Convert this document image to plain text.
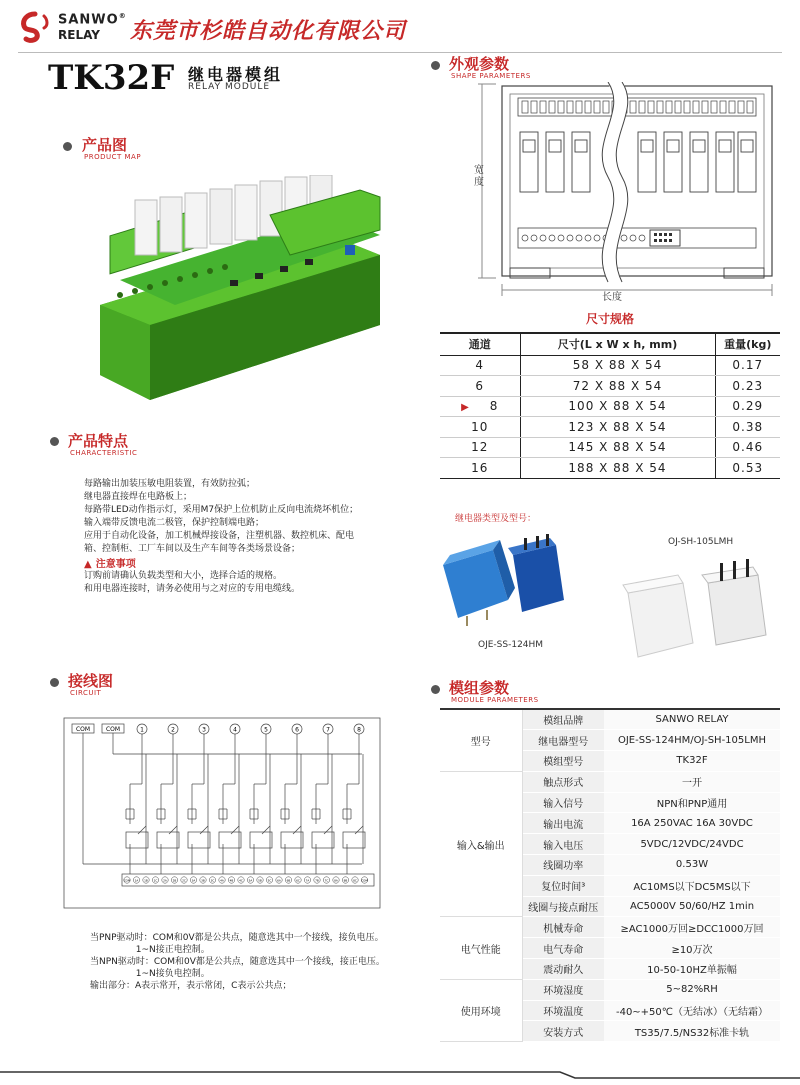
SANWO®
RELAY 东莞市杉皓自动化有限公司
TK32F 继电器模组
RELAY MODULE
产品图
PRODUCT MAP
产品特点
CHARACTERISTIC
接线图
CIRCUIT
外观参数
SHAPE PARAMETERS
模组参数
MODULE PARAMETERS
每路输出加装压敏电阻装置，有效防拉弧；
继电器直接焊在电路板上；
每路带LED动作指示灯，采用M7保护上位机防止反向电流烧坏机位；
输入端带反馈电流二极管，保护控制端电路；
应用于自动化设备，加工机械焊接设备，注塑机器、数控机床、配电
箱、控制柜、工厂车间以及生产车间等各类场景设备；
▲ 注意事项
订购前请确认负载类型和大小，选择合适的规格。
和用电器连接时，请务必使用与之对应的专用电缆线。
宽度
长度
尺寸规格
通道	尺寸(L x W x h, mm)	重量(kg)
4	58 X 88 X 54	0.17
6	72 X 88 X 54	0.23
▶ 8	100 X 88 X 54	0.29
10	123 X 88 X 54	0.38
12	145 X 88 X 54	0.46
16	188 X 88 X 54	0.53
继电器类型及型号：
OJE-SS-124HM
OJ-SH-105LMH
COM	COM	1	2	3	4	5	6	7	8
COM 1A 1B 1C 2A 2B 2C 3A 3B 3C 4A 4B 4C 5A 5B 5C 6A 6B 6C 7A 7B 7C 8A 8B 8C COM
当PNP驱动时：COM和0V都是公共点，随意选其中一个接线，接负电压。
1~N接正电控制。
当NPN驱动时：COM和0V都是公共点，随意选其中一个接线，接正电压。
1~N接负电控制。
输出部分：A表示常开，表示常闭，C表示公共点；
型号	模组品牌	SANWO RELAY
	继电器型号	OJE-SS-124HM/OJ-SH-105LMH
	模组型号	TK32F
输入&输出	触点形式	一开
	输入信号	NPN和PNP通用
	输出电流	16A 250VAC 16A 30VDC
	输入电压	5VDC/12VDC/24VDC
	线圈功率	0.53W
	复位时间³	AC10MS以下DC5MS以下
	线圈与接点耐压	AC5000V 50/60/HZ 1min
电气性能	机械寿命	≥AC1000万回≥DCC1000万回
	电气寿命	≥10万次
	震动耐久	10-50-10HZ单振幅
使用环境	环境湿度	5~82%RH
	环境温度	-40~+50℃（无结冰）（无结霜）
	安装方式	TS35/7.5/NS32标准卡轨
